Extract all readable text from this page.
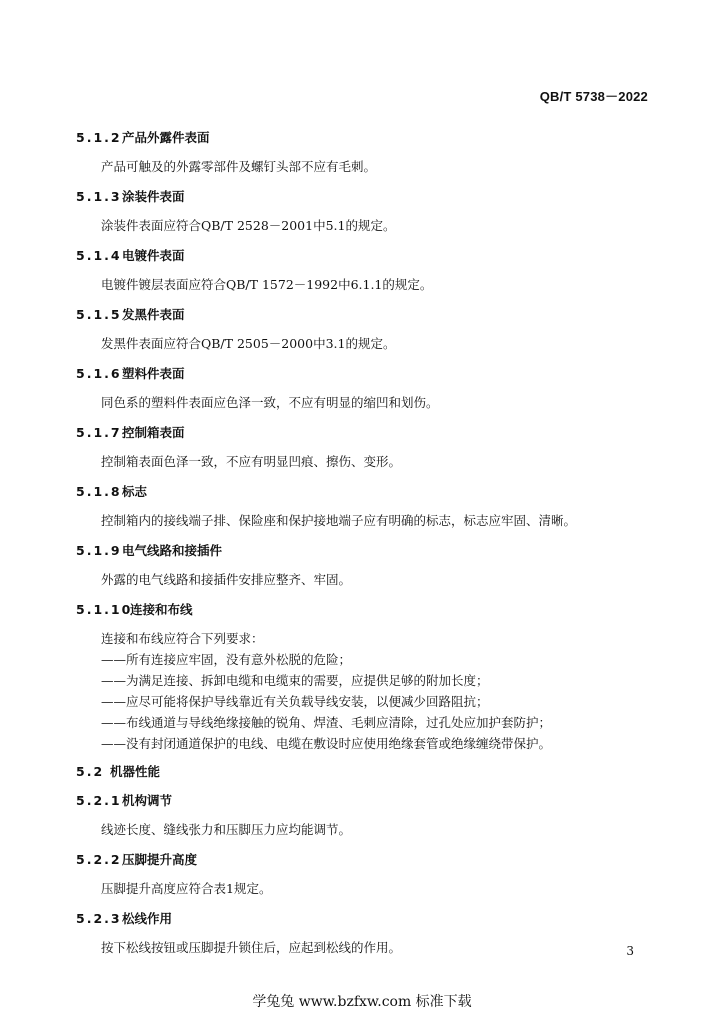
QB/T 5738－2022
5.1.2产品外露件表面
产品可触及的外露零部件及螺钉头部不应有毛刺。
5.1.3涂装件表面
涂装件表面应符合QB/T 2528－2001中5.1的规定。
5.1.4电镀件表面
电镀件镀层表面应符合QB/T 1572－1992中6.1.1的规定。
5.1.5发黑件表面
发黑件表面应符合QB/T 2505－2000中3.1的规定。
5.1.6塑料件表面
同色系的塑料件表面应色泽一致，不应有明显的缩凹和划伤。
5.1.7控制箱表面
控制箱表面色泽一致，不应有明显凹痕、擦伤、变形。
5.1.8标志
控制箱内的接线端子排、保险座和保护接地端子应有明确的标志，标志应牢固、清晰。
5.1.9电气线路和接插件
外露的电气线路和接插件安排应整齐、牢固。
5.1.10连接和布线
连接和布线应符合下列要求：
——所有连接应牢固，没有意外松脱的危险；
——为满足连接、拆卸电缆和电缆束的需要，应提供足够的附加长度；
——应尽可能将保护导线靠近有关负载导线安装，以便减少回路阻抗；
——布线通道与导线绝缘接触的锐角、焊渣、毛刺应清除，过孔处应加护套防护；
——没有封闭通道保护的电线、电缆在敷设时应使用绝缘套管或绝缘缠绕带保护。
5.2 机器性能
5.2.1机构调节
线迹长度、缝线张力和压脚压力应均能调节。
5.2.2压脚提升高度
压脚提升高度应符合表1规定。
5.2.3松线作用
按下松线按钮或压脚提升锁住后，应起到松线的作用。	3
学兔兔 www.bzfxw.com 标准下载
